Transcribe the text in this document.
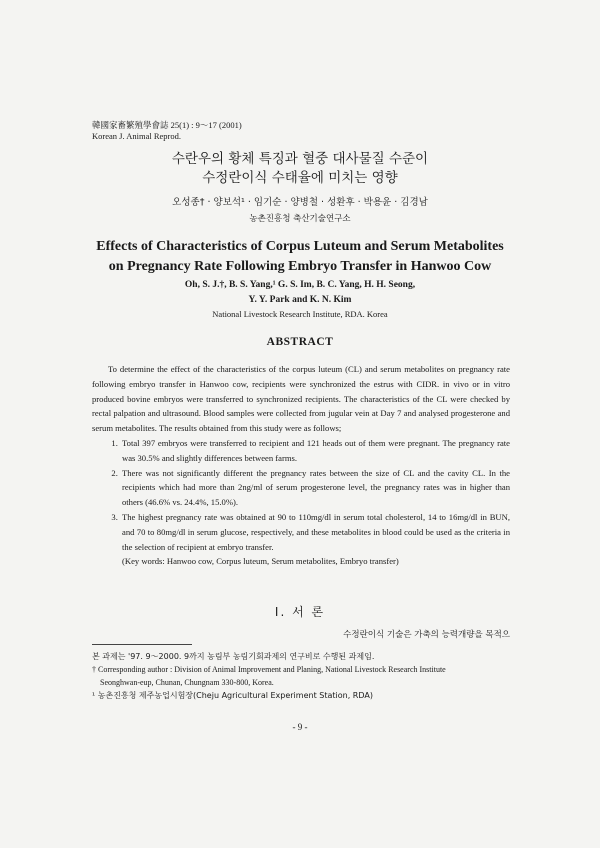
韓國家畜繁殖學會誌 25(1) : 9～17 (2001)
Korean J. Animal Reprod.
수란우의 황체 특징과 혈중 대사물질 수준이
수정란이식 수태율에 미치는 영향
오성종† · 양보석¹ · 임기순 · 양병철 · 성환후 · 박용윤 · 김경남
농촌진흥청 축산기술연구소
Effects of Characteristics of Corpus Luteum and Serum Metabolites
on Pregnancy Rate Following Embryo Transfer in Hanwoo Cow
Oh, S. J.†, B. S. Yang,¹ G. S. Im, B. C. Yang, H. H. Seong,
Y. Y. Park and K. N. Kim
National Livestock Research Institute, RDA. Korea
ABSTRACT

To determine the effect of the characteristics of the corpus luteum (CL) and serum metabolites on pregnancy rate following embryo transfer in Hanwoo cow, recipients were synchronized the estrus with CIDR. in vivo or in vitro produced bovine embryos were transferred to synchronized recipients. The characteristics of the CL were checked by rectal palpation and ultrasound. Blood samples were collected from jugular vein at Day 7 and analysed progesterone and serum metabolites. The results obtained from this study were as follows;

1. Total 397 embryos were transferred to recipient and 121 heads out of them were pregnant. The pregnancy rate was 30.5% and slightly differences between farms.
2. There was not significantly different the pregnancy rates between the size of CL and the cavity CL. In the recipients which had more than 2ng/ml of serum progesterone level, the pregnancy rates was in higher than others (46.6% vs. 24.4%, 15.0%).
3. The highest pregnancy rate was obtained at 90 to 110mg/dl in serum total cholesterol, 14 to 16mg/dl in BUN, and 70 to 80mg/dl in serum glucose, respectively, and these metabolites in blood could be used as the criteria in the selection of recipient at embryo transfer.

(Key words: Hanwoo cow, Corpus luteum, Serum metabolites, Embryo transfer)

Ⅰ. 서 론
수정란이식 기술은 가축의 능력개량을 목적으

본 과제는 '97. 9～2000. 9까지 농림부 농림기회과제의 연구비로 수행된 과제임.

† Corresponding author : Division of Animal Improvement and Planing, National Livestock Research Institute

Seonghwan-eup, Chunan, Chungnam 330-800, Korea.

¹ 농촌진흥청 제주농업시험장(Cheju Agricultural Experiment Station, RDA)

- 9 -
